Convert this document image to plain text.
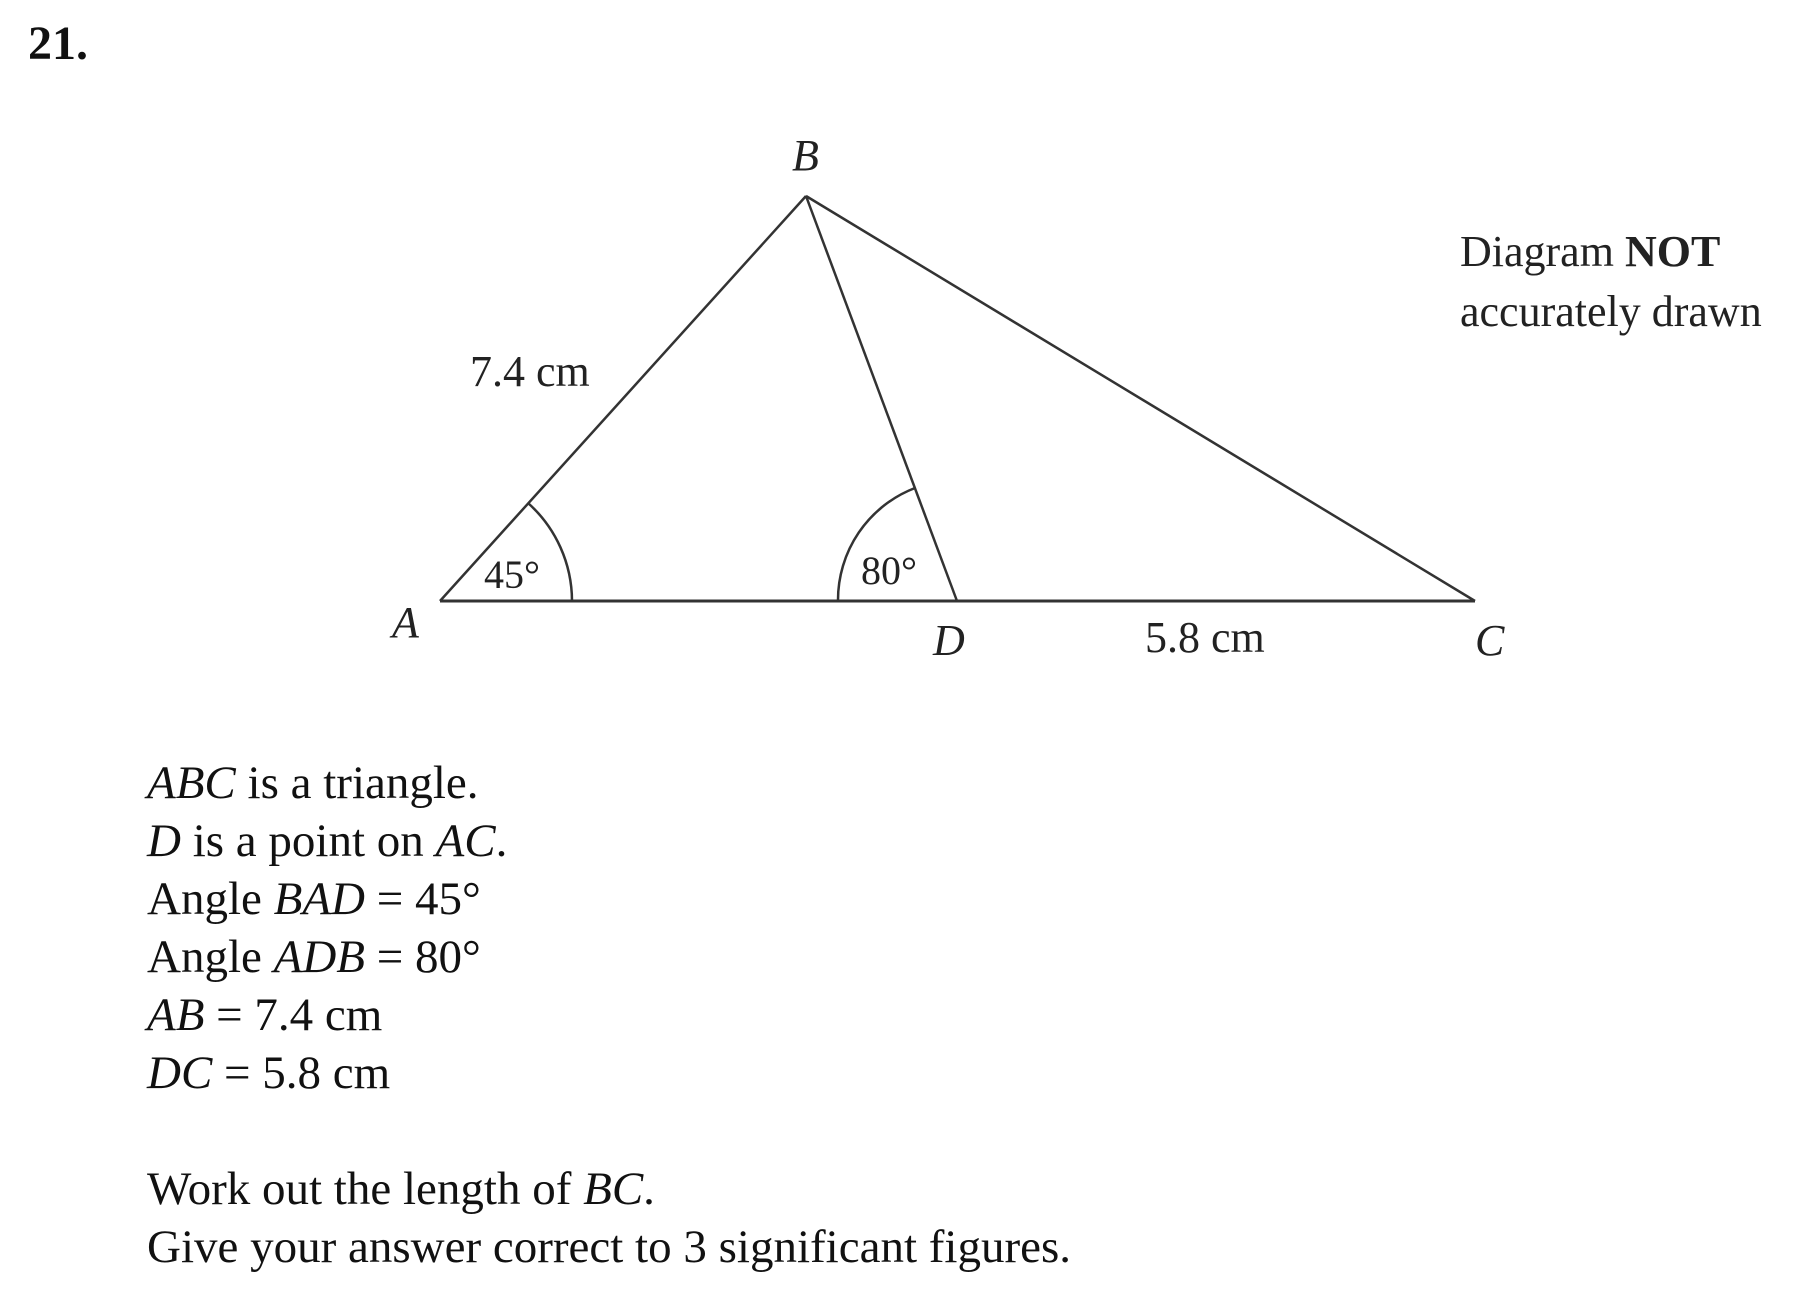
21.
A
B
D	C
7.4 cm
5.8 cm
45°	80°
Diagram NOT
accurately drawn
ABC is a triangle.
D is a point on AC.
Angle BAD = 45°
Angle ADB = 80°
AB = 7.4 cm
DC = 5.8 cm
Work out the length of BC.
Give your answer correct to 3 significant figures.
